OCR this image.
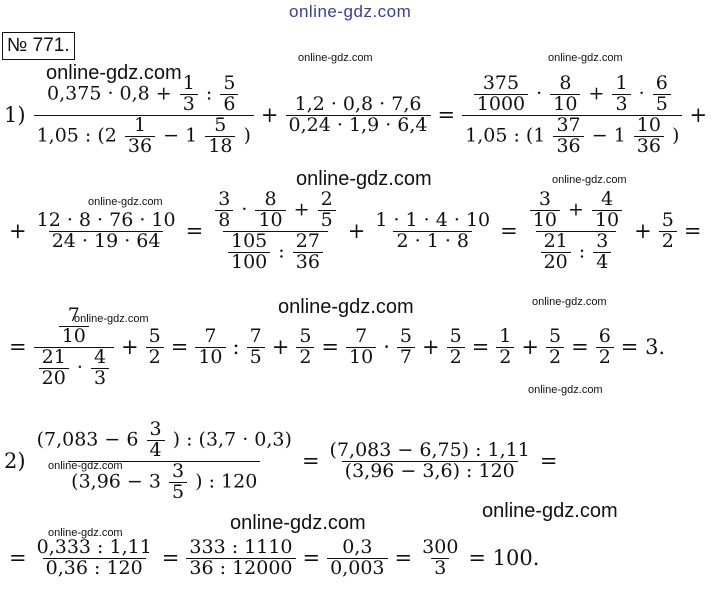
online-gdz.com
online-gdz.com
online-gdz.com	online-gdz.com
online-gdz.com
online-gdz.com	online-gdz.com
online-gdz.com
online-gdz.com	online-gdz.com
online-gdz.com
online-gdz.com
online-gdz.com	online-gdz.com
online-gdz.com
№ 771.
$1) \frac{0,375 \cdot 0,8 + \frac{1}{3} : \frac{5}{6}}{1,05 : (2 \frac{1}{36} - 1 \frac{5}{18} )} + \frac{1,2 \cdot 0,8 \cdot 7,6}{0,24 \cdot 1,9 \cdot 6,4} = \frac{\frac{375}{1000} \cdot \frac{8}{10} + \frac{1}{3} \cdot \frac{6}{5}}{1,05 : (1 \frac{37}{36} - 1 \frac{10}{36} )}$ +
+ $\frac{12 \cdot 8 \cdot 76 \cdot 10}{24 \cdot 19 \cdot 64} = \frac{\frac{3}{8} \cdot \frac{8}{10} + \frac{2}{5}}{\frac{105}{100} : \frac{27}{36}} + \frac{1 \cdot 1 \cdot 4 \cdot 10}{2 \cdot 1 \cdot 8} = \frac{\frac{3}{10} + \frac{4}{10}}{\frac{21}{20} : \frac{3}{4}} + \frac{5}{2}$ =
= $\frac{\frac{7}{10}}{\frac{21}{20} \cdot \frac{4}{3}} + \frac{5}{2} = \frac{7}{10}$ : $\frac{7}{5} + \frac{5}{2} = \frac{7}{10} \cdot \frac{5}{7} + \frac{5}{2} = \frac{1}{2} + \frac{5}{2} = \frac{6}{2} = 3$.
$2) \frac{(7,083 - 6 \frac{3}{4} ) : (3,7 \cdot 0,3)}{(3,96 - 3 \frac{3}{5} ) : 120} = \frac{(7,083 - 6,75) : 1,11}{(3,96 - 3,6) : 120}$ =
= $\frac{0,333 : 1,11}{0,36 : 120} = \frac{333 : 1110}{36 : 12000} = \frac{0,3}{0,003} = \frac{300}{3} = 100$.
